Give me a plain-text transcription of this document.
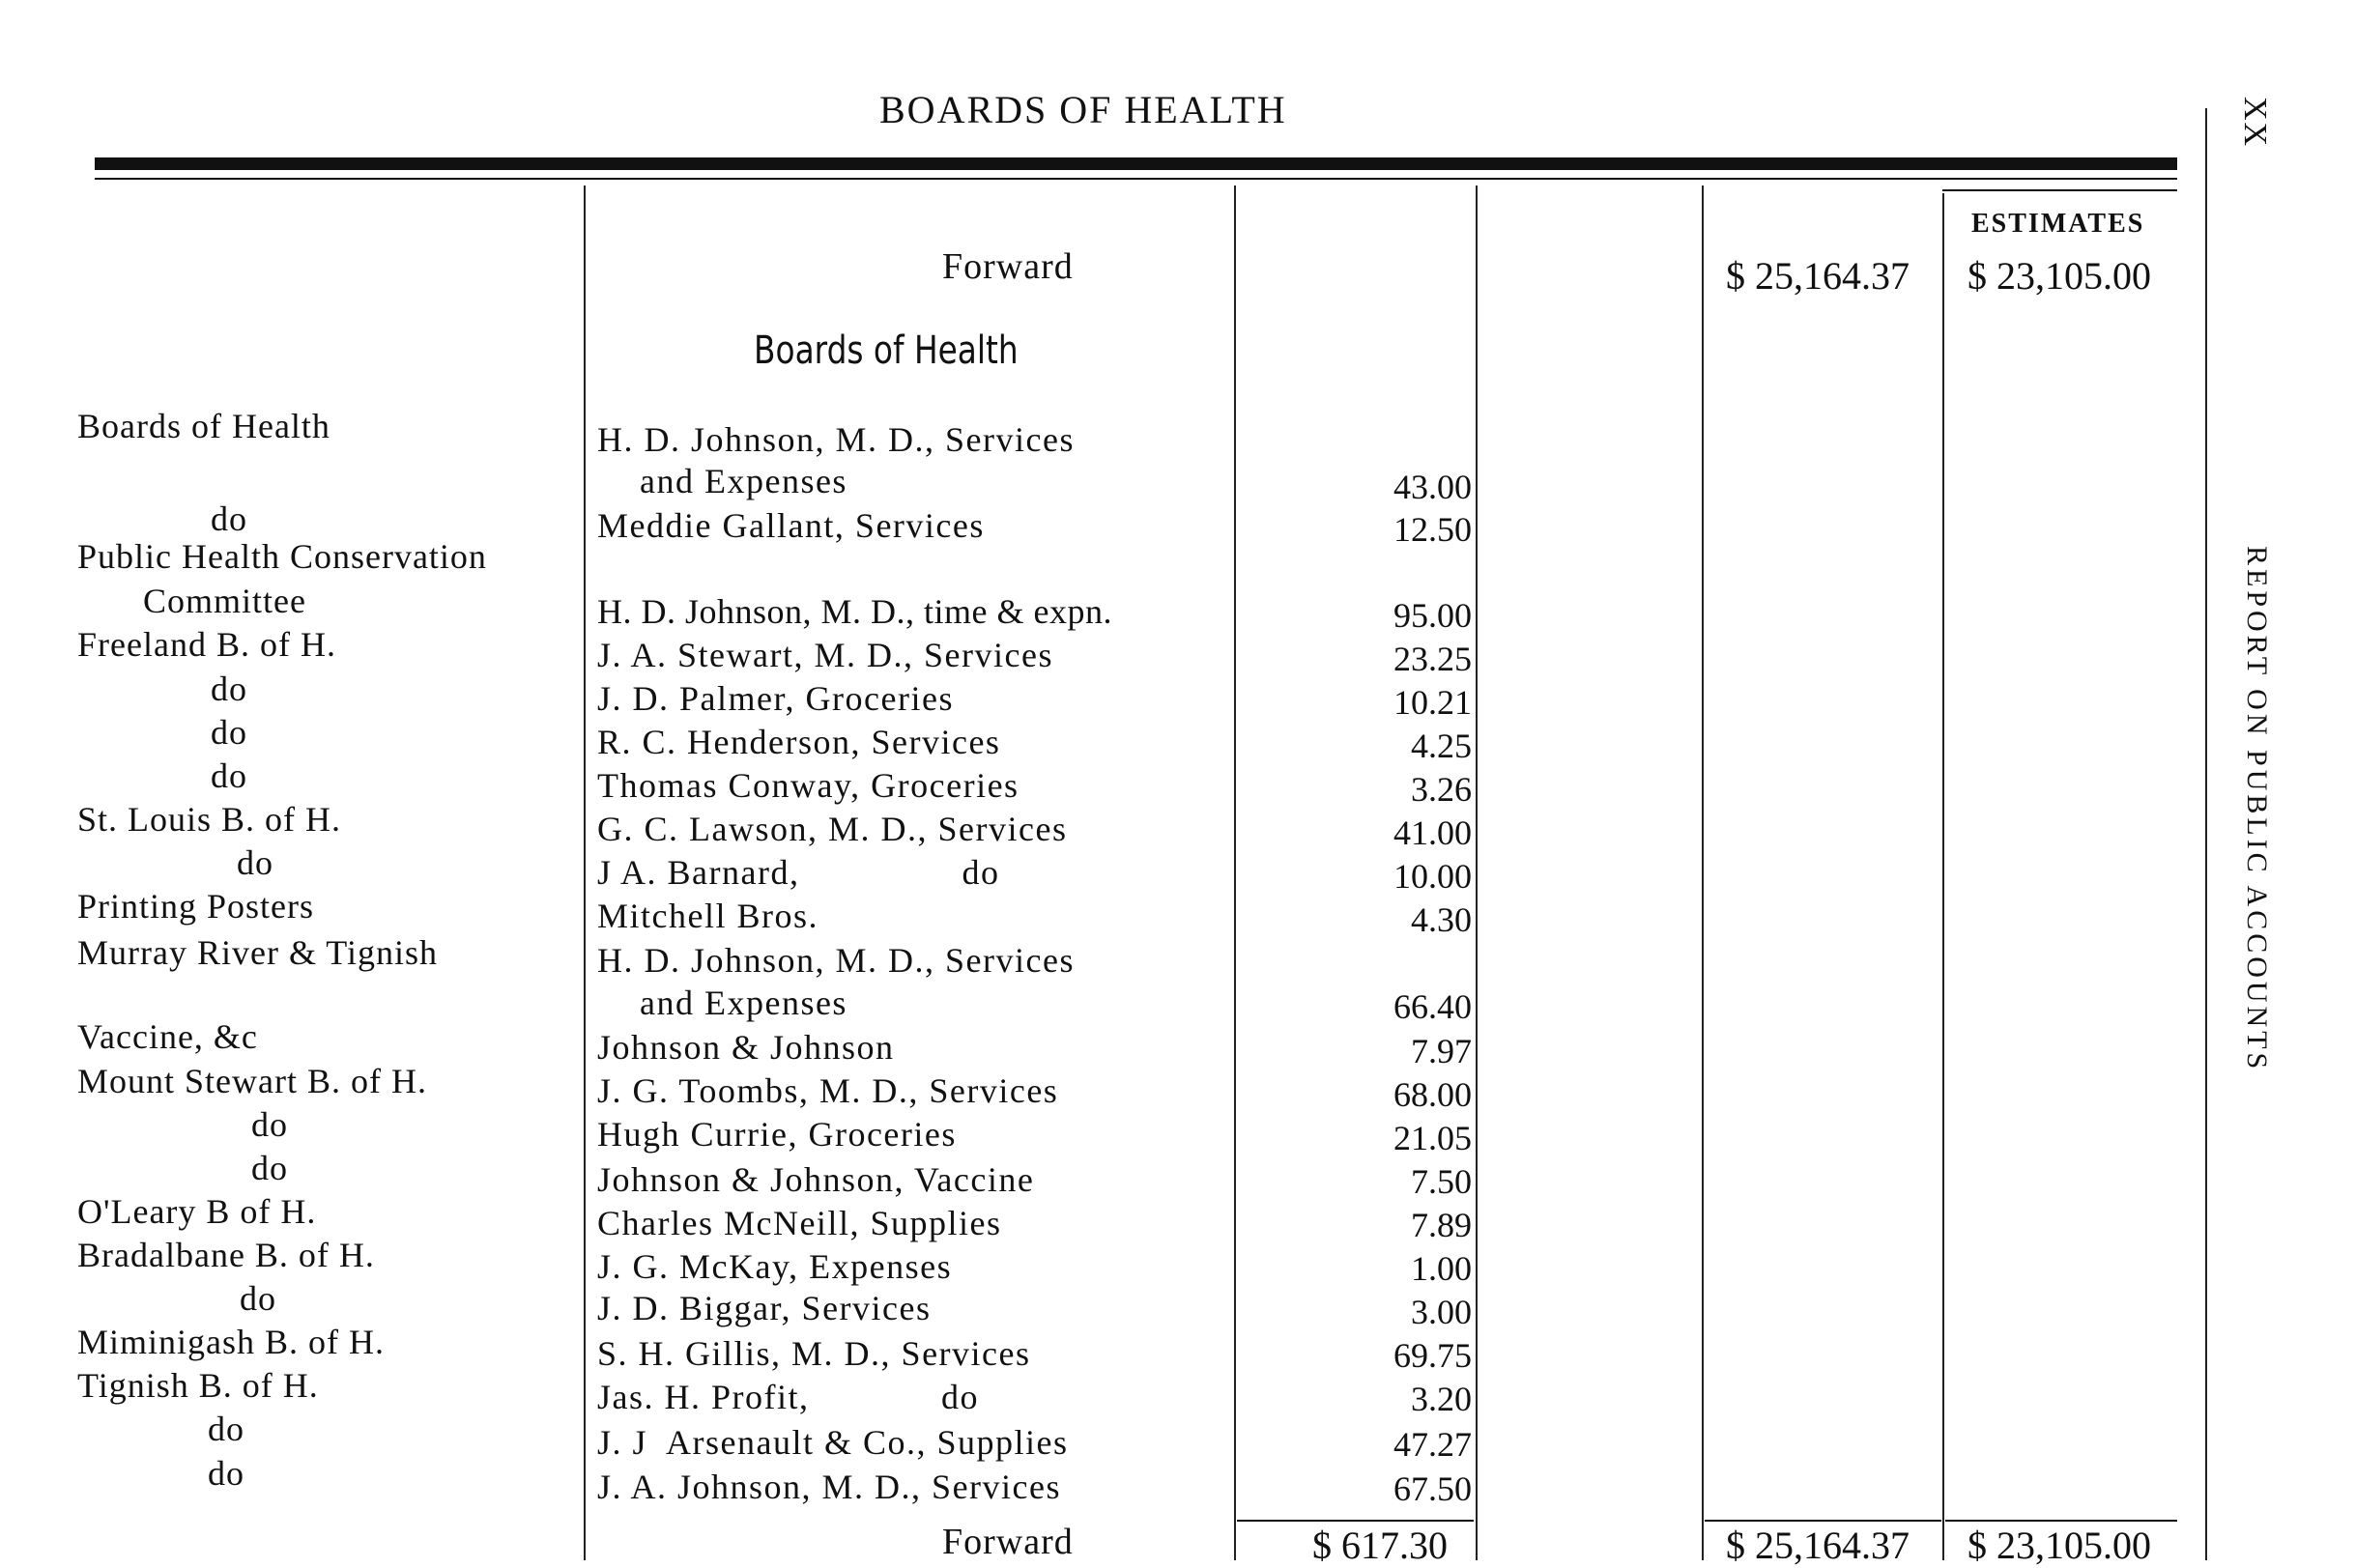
BOARDS OF HEALTH	XX
REPORT ON PUBLIC ACCOUNTS
ESTIMATES
Forward	$ 25,164.37 $ 23,105.00
Boards of Health
Boards of Health	H. D. Johnson, M. D., Services
and Expenses	43.00
do	Meddie Gallant, Services	12.50
Public Health Conservation
Committee	H. D. Johnson, M. D., time & expn.	95.00
Freeland B. of H.	J. A. Stewart, M. D., Services	23.25
do	J. D. Palmer, Groceries	10.21
do	R. C. Henderson, Services	4.25
do	Thomas Conway, Groceries	3.26
St. Louis B. of H.	G. C. Lawson, M. D., Services	41.00
do	J A. Barnard,                do	10.00
Printing Posters	Mitchell Bros.	4.30
Murray River & Tignish	H. D. Johnson, M. D., Services
and Expenses	66.40
Vaccine, &c	Johnson & Johnson	7.97
Mount Stewart B. of H.	J. G. Toombs, M. D., Services	68.00
do	Hugh Currie, Groceries	21.05
do	Johnson & Johnson, Vaccine	7.50
O'Leary B of H.	Charles McNeill, Supplies	7.89
Bradalbane B. of H.	J. G. McKay, Expenses	1.00
do	J. D. Biggar, Services	3.00
Miminigash B. of H.	S. H. Gillis, M. D., Services	69.75
Tignish B. of H.	Jas. H. Profit,             do	3.20
do	J. J  Arsenault & Co., Supplies	47.27
do	J. A. Johnson, M. D., Services	67.50
Forward	$ 617.30	$ 25,164.37 $ 23,105.00
